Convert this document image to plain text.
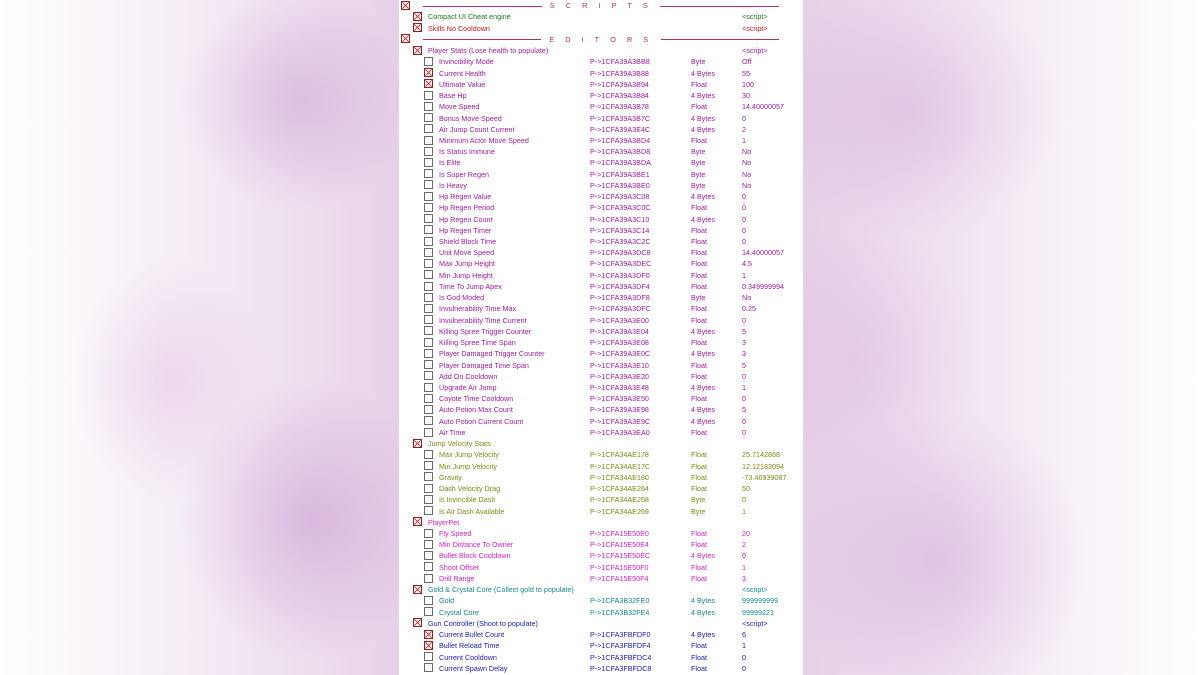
S C R I P T S
Compact UI Cheat engine	<script>
Skills No Cooldown	<script>
E D I T O R S
Player Stats (Lose health to populate)	<script>
Invincibility Mode	P->1CFA39A3BB8	Byte	Off
Current Health	P->1CFA39A3B88	4 Bytes	55
Ultimate Value	P->1CFA39A3B94	Float	100
Base Hp	P->1CFA39A3B84	4 Bytes	30
Move Speed	P->1CFA39A3B78	Float	14.40000057
Bonus Move Speed	P->1CFA39A3B7C	4 Bytes	0
Air Jump Count Current	P->1CFA39A3E4C	4 Bytes	2
Minimum Actor Move Speed	P->1CFA39A3BD4	Float	1
Is Status Immune	P->1CFA39A3BD8	Byte	No
Is Elite	P->1CFA39A3BDA	Byte	No
Is Super Regen	P->1CFA39A3BE1	Byte	No
Is Heavy	P->1CFA39A3BE0	Byte	No
Hp Regen Value	P->1CFA39A3C08	4 Bytes	0
Hp Regen Period	P->1CFA39A3C0C	Float	0
Hp Regen Count	P->1CFA39A3C10	4 Bytes	0
Hp Regen Timer	P->1CFA39A3C14	Float	0
Shield Block Time	P->1CFA39A3C2C	Float	0
Unit Move Speed	P->1CFA39A3DC8	Float	14.40000057
Max Jump Height	P->1CFA39A3DEC	Float	4.5
Min Jump Height	P->1CFA39A3DF0	Float	1
Time To Jump Apex	P->1CFA39A3DF4	Float	0.349999994
Is God Moded	P->1CFA39A3DF8	Byte	No
Invulnerability Time Max	P->1CFA39A3DFC	Float	0.25
Invulnerability Time Current	P->1CFA39A3E00	Float	0
Killing Spree Trigger Counter	P->1CFA39A3E04	4 Bytes	5
Killing Spree Time Span	P->1CFA39A3E08	Float	3
Player Damaged Trigger Counter	P->1CFA39A3E0C	4 Bytes	3
Player Damaged Time Span	P->1CFA39A3E10	Float	5
Add On Cooldown	P->1CFA39A3E20	Float	0
Upgrade Air Jump	P->1CFA39A3E48	4 Bytes	1
Coyote Time Cooldown	P->1CFA39A3E50	Float	0
Auto Potion Max Count	P->1CFA39A3E98	4 Bytes	5
Auto Potion Current Count	P->1CFA39A3E9C	4 Bytes	0
Air Time	P->1CFA39A3EA0	Float	0
Jump Velocity Stats
Max Jump Velocity	P->1CFA34AE178	Float	25.7142868
Min Jump Velocity	P->1CFA34AE17C	Float	12.12183094
Gravity	P->1CFA34AE180	Float	-73.46939087
Dash Velocity Drag	P->1CFA34AE264	Float	50
Is Invincible Dash	P->1CFA34AE268	Byte	0
Is Air Dash Available	P->1CFA34AE269	Byte	1
PlayerPet
Fly Speed	P->1CFA15E50E0	Float	20
Min Distance To Owner	P->1CFA15E50E4	Float	2
Bullet Block Cooldown	P->1CFA15E50EC	4 Bytes	0
Shoot Offset	P->1CFA15E50F0	Float	1
Drill Range	P->1CFA15E50F4	Float	3
Gold & Crystal Core (Collect gold to populate)	<script>
Gold	P->1CFA3B32FE0	4 Bytes	999999999
Crystal Core	P->1CFA3B32FE4	4 Bytes	99999221
Gun Controller (Shoot to populate)	<script>
Current Bullet Count	P->1CFA3FBFDF0	4 Bytes	6
Bullet Reload Time	P->1CFA3FBFDF4	Float	1
Current Cooldown	P->1CFA3FBFDC4	Float	0
Current Spawn Delay	P->1CFA3FBFDC8	Float	0
